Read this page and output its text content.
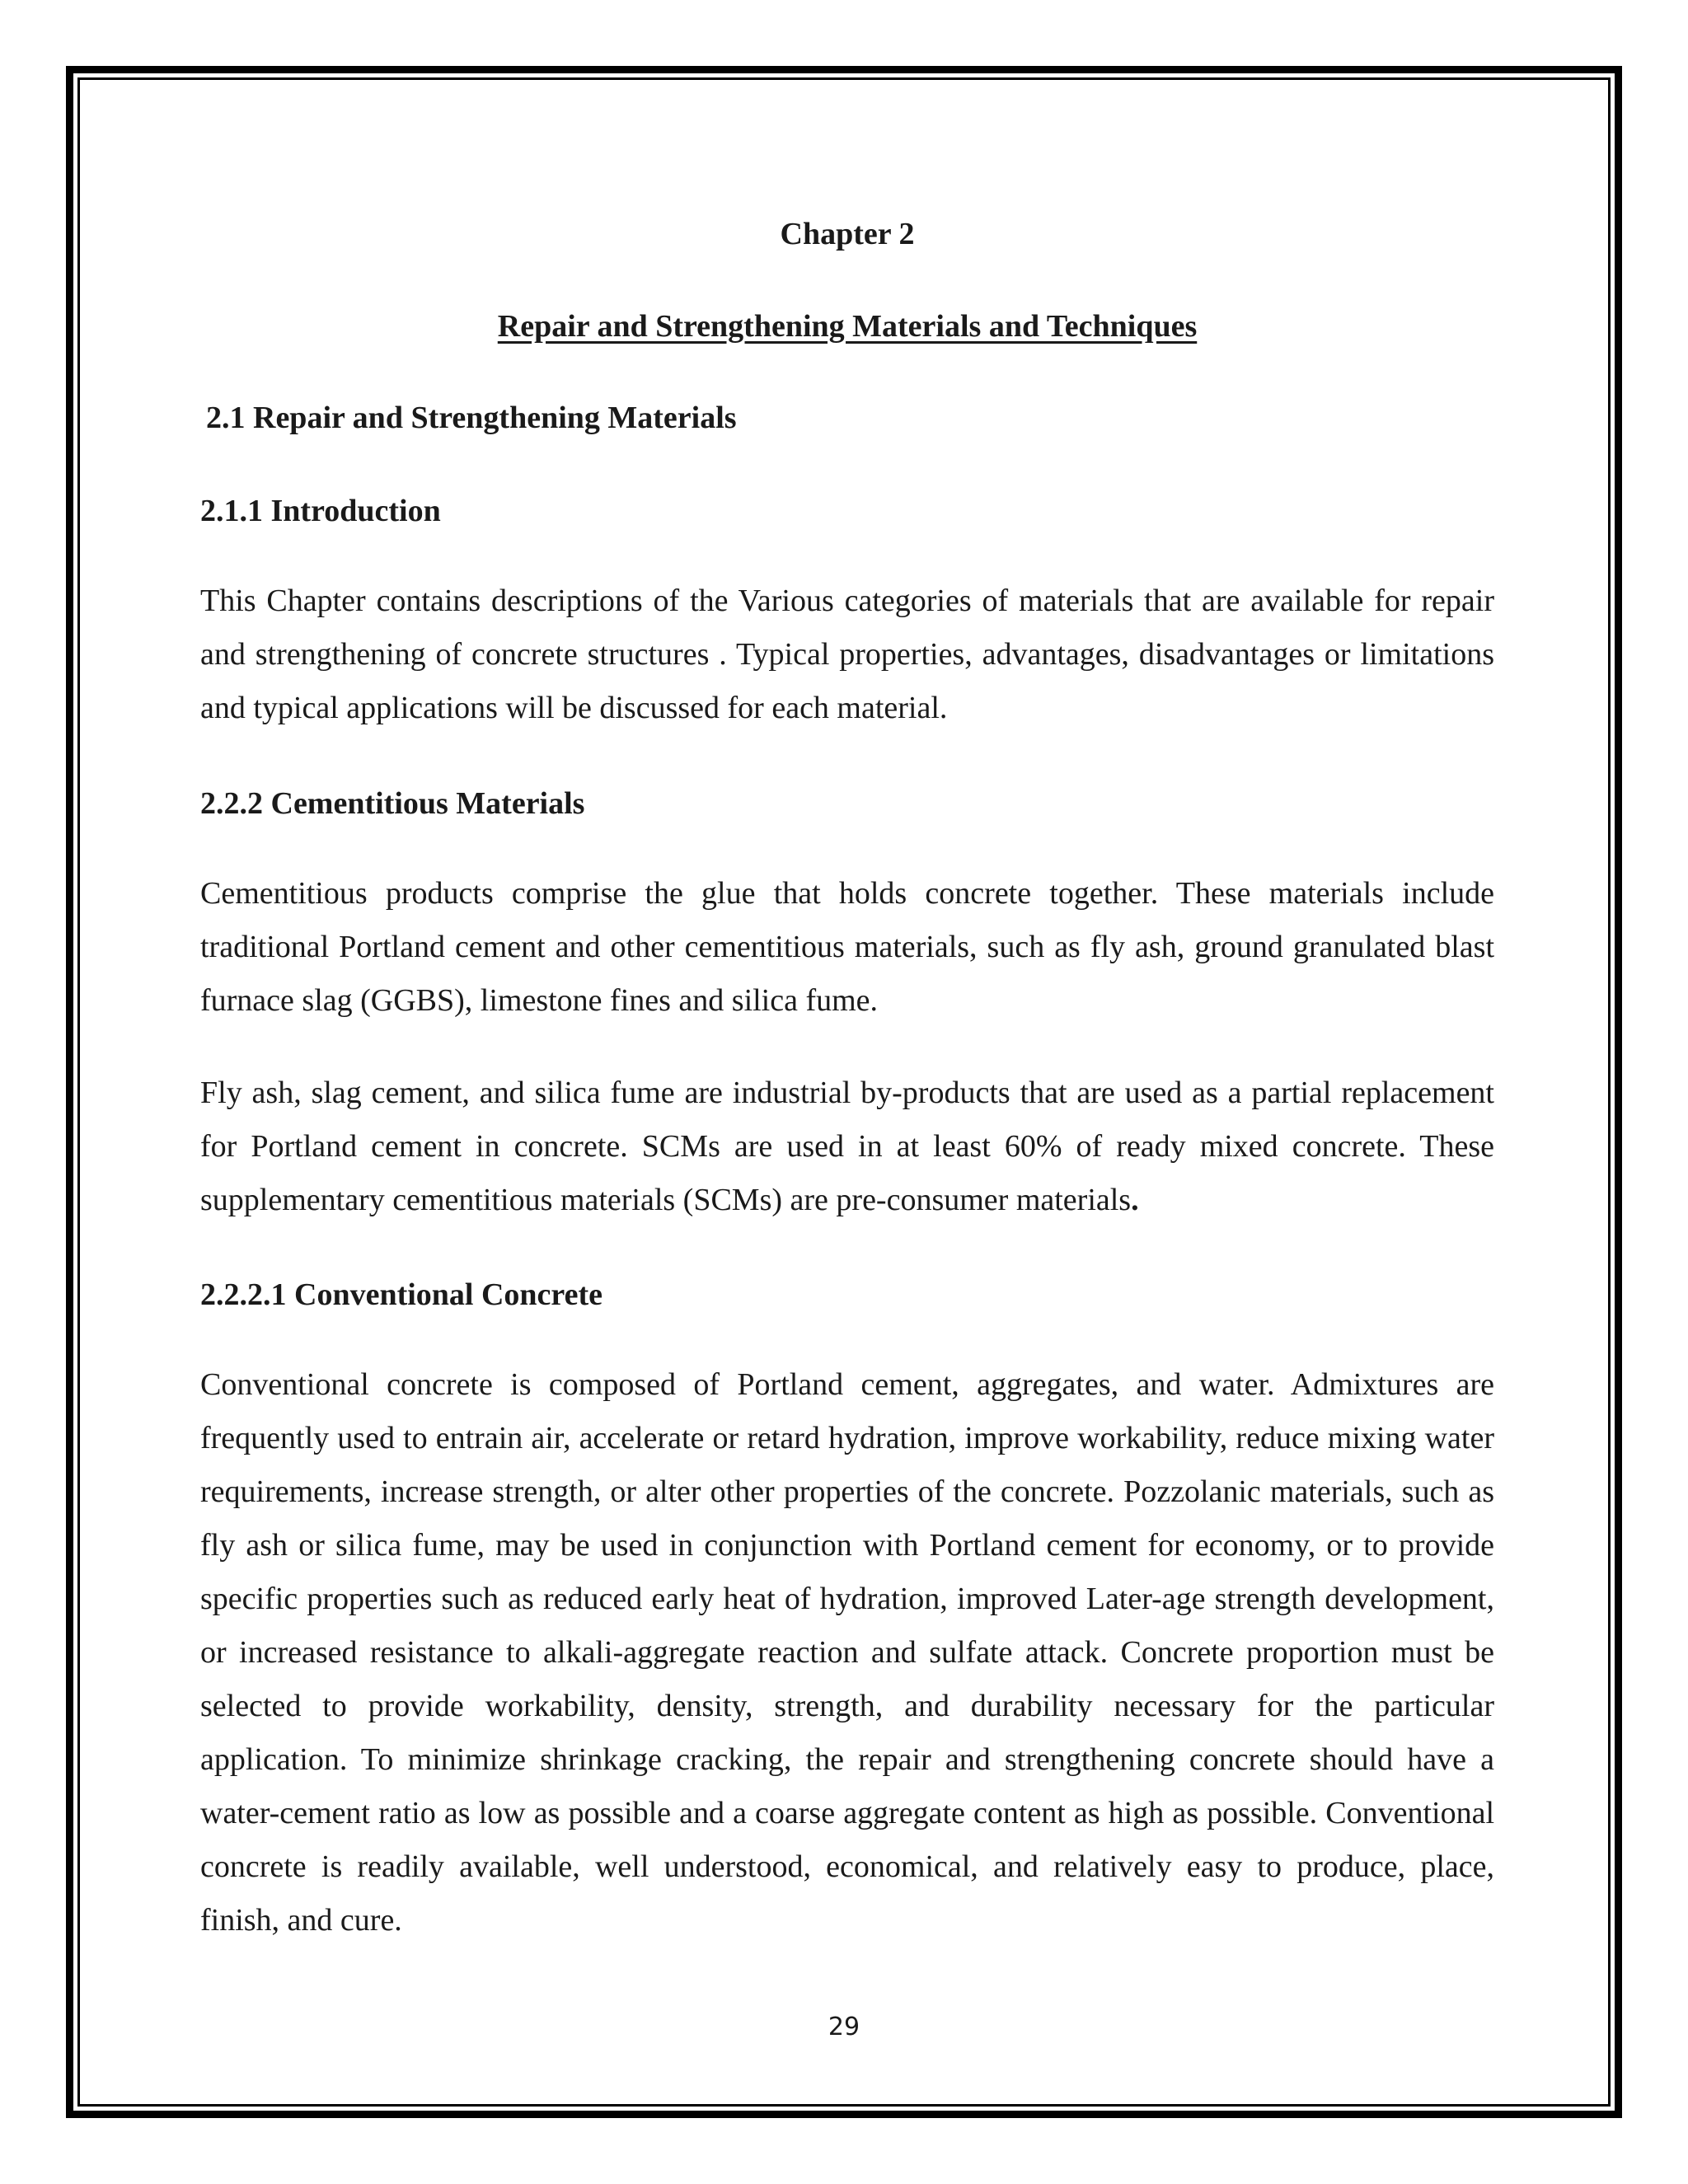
Chapter 2
Repair and Strengthening Materials and Techniques
2.1 Repair and Strengthening Materials
2.1.1 Introduction

This Chapter contains descriptions of the Various categories of materials that are available for repair and strengthening of concrete structures . Typical properties, advantages, disadvantages or limitations and typical applications will be discussed for each material.

2.2.2 Cementitious Materials

Cementitious products comprise the glue that holds concrete together. These materials include traditional Portland cement and other cementitious materials, such as fly ash, ground granulated blast furnace slag (GGBS), limestone fines and silica fume.

Fly ash, slag cement, and silica fume are industrial by-products that are used as a partial replacement for Portland cement in concrete. SCMs are used in at least 60% of ready mixed concrete. These supplementary cementitious materials (SCMs) are pre-consumer materials.

2.2.2.1 Conventional Concrete

Conventional concrete is composed of Portland cement, aggregates, and water. Admixtures are frequently used to entrain air, accelerate or retard hydration, improve workability, reduce mixing water requirements, increase strength, or alter other properties of the concrete. Pozzolanic materials, such as fly ash or silica fume, may be used in conjunction with Portland cement for economy, or to provide specific properties such as reduced early heat of hydration, improved Later-age strength development, or increased resistance to alkali-aggregate reaction and sulfate attack. Concrete proportion must be selected to provide workability, density, strength, and durability necessary for the particular application. To minimize shrinkage cracking, the repair and strengthening concrete should have a water-cement ratio as low as possible and a coarse aggregate content as high as possible. Conventional concrete is readily available, well understood, economical, and relatively easy to produce, place, finish, and cure.

29
